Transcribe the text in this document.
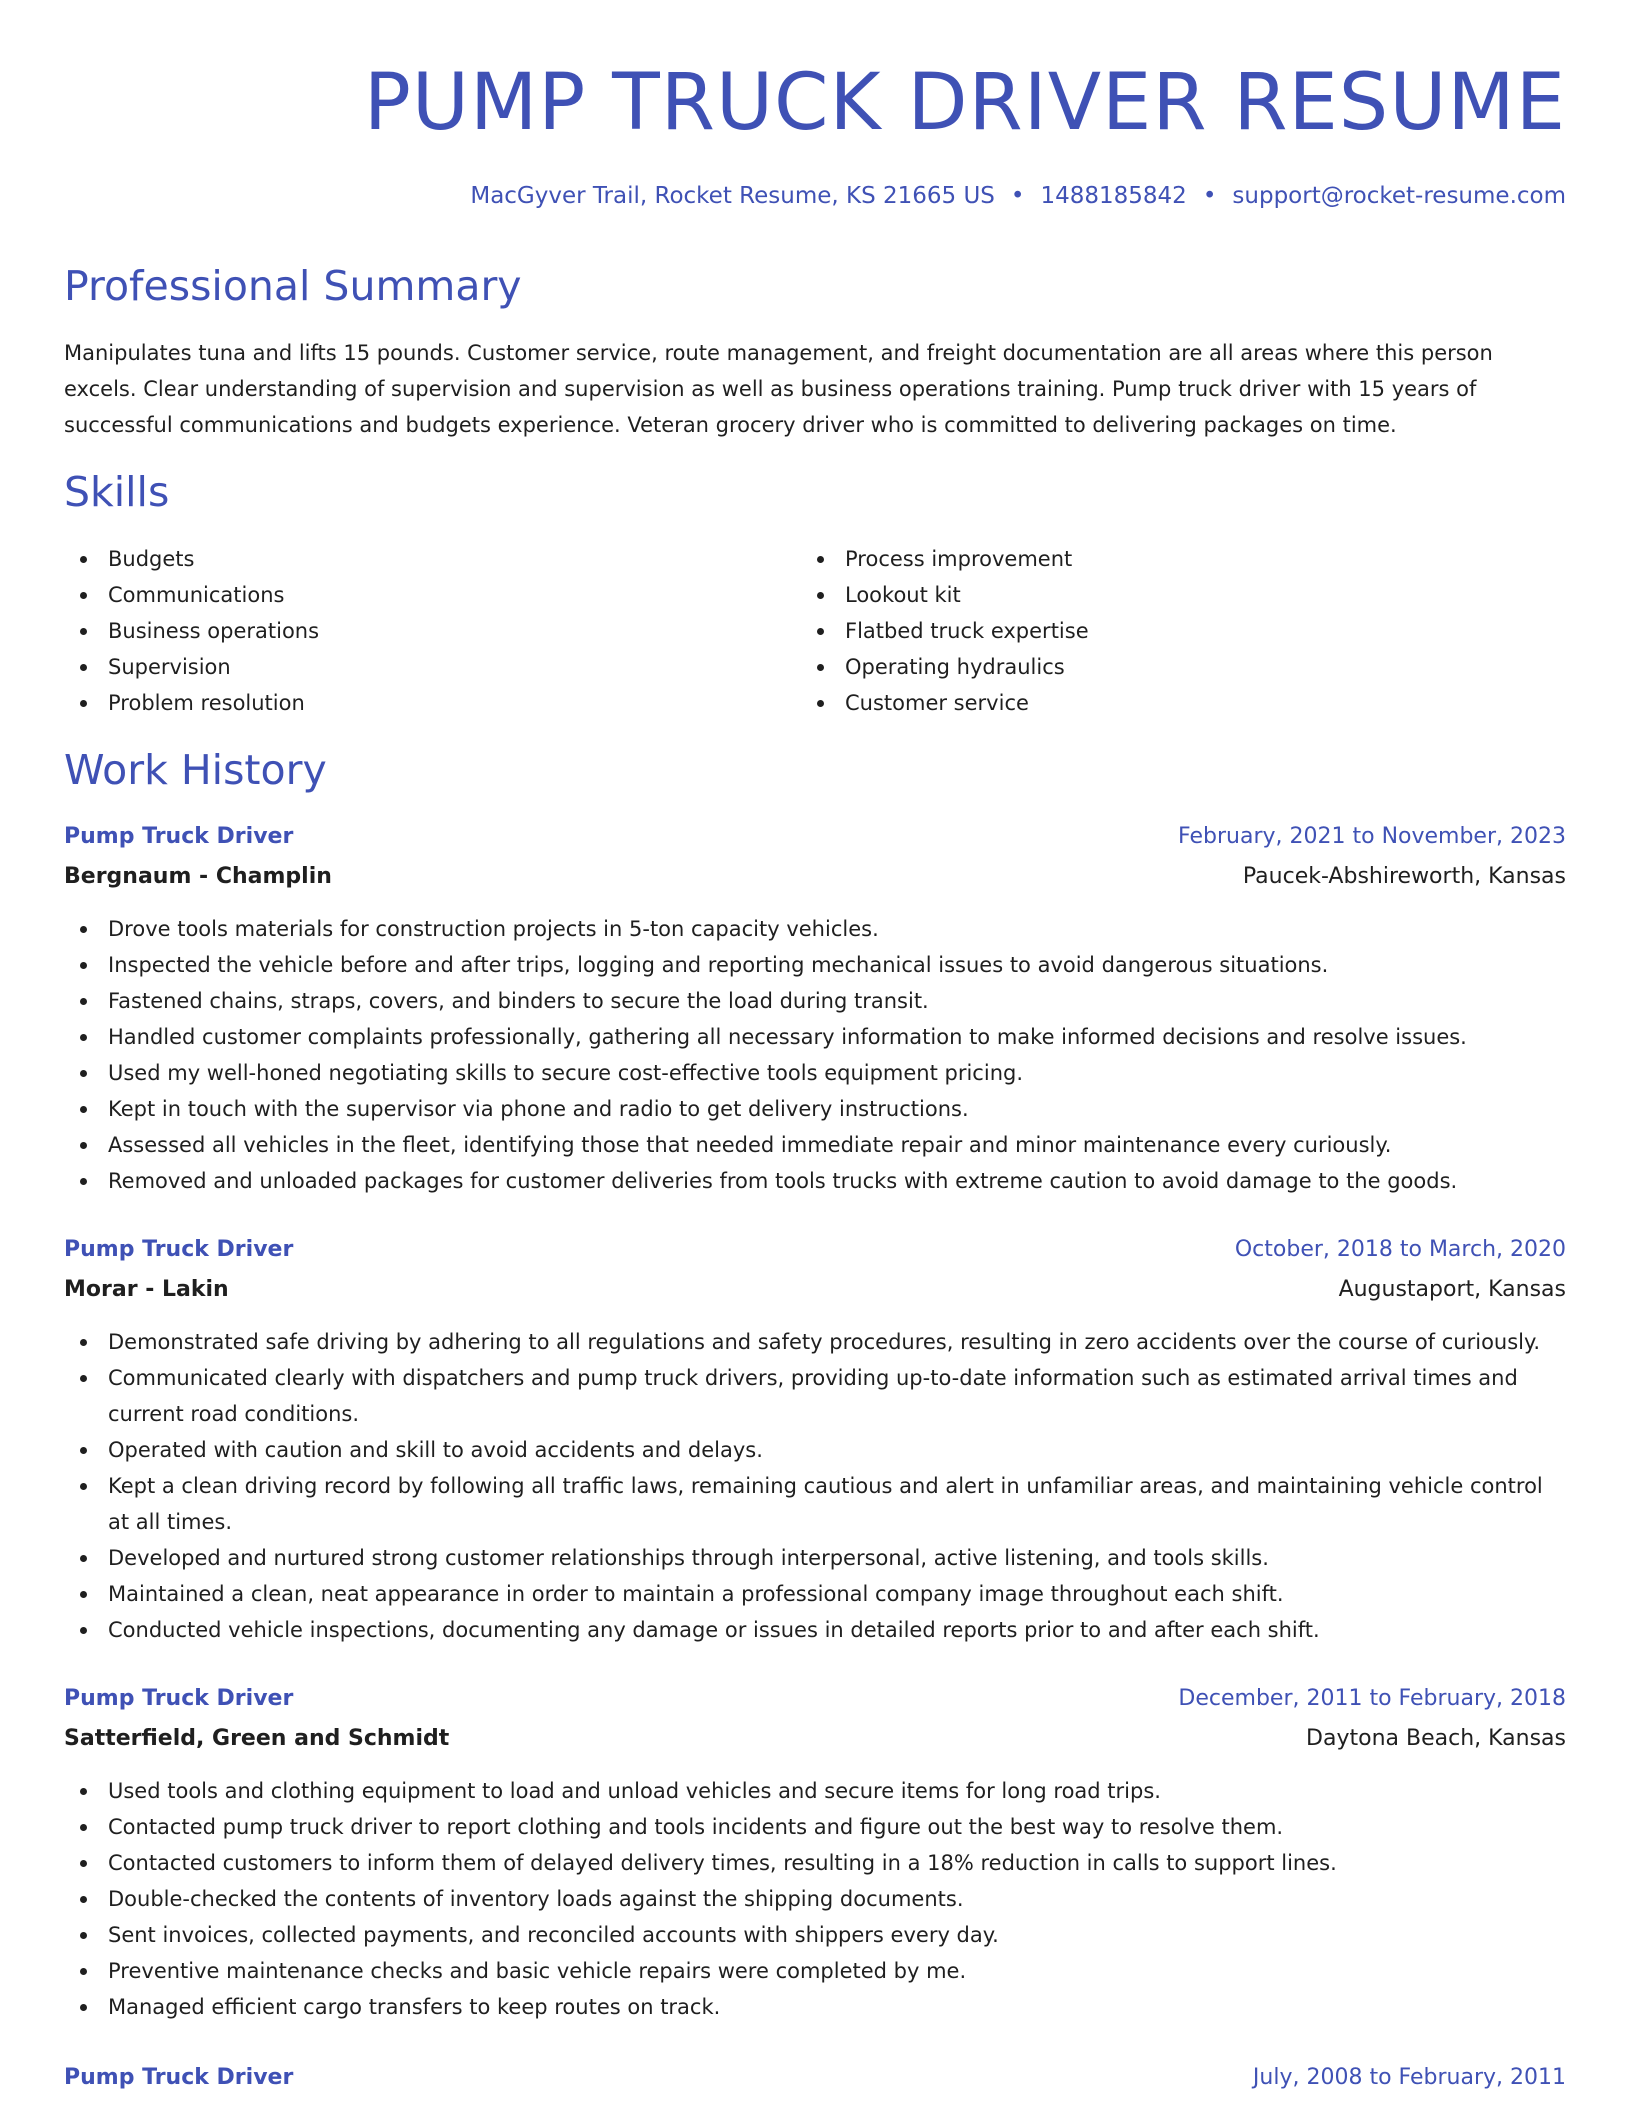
PUMP TRUCK DRIVER RESUME
MacGyver Trail, Rocket Resume, KS 21665 US • 1488185842 • support@rocket-resume.com
Professional Summary

Manipulates tuna and lifts 15 pounds. Customer service, route management, and freight documentation are all areas where this person excels. Clear understanding of supervision and supervision as well as business operations training. Pump truck driver with 15 years of successful communications and budgets experience. Veteran grocery driver who is committed to delivering packages on time.

Skills
Budgets
Communications
Business operations
Supervision
Problem resolution
Process improvement
Lookout kit
Flatbed truck expertise
Operating hydraulics
Customer service
Work History
Pump Truck Driver	February, 2021 to November, 2023
Bergnaum - Champlin	Paucek-Abshireworth, Kansas
Drove tools materials for construction projects in 5-ton capacity vehicles.
Inspected the vehicle before and after trips, logging and reporting mechanical issues to avoid dangerous situations.
Fastened chains, straps, covers, and binders to secure the load during transit.
Handled customer complaints professionally, gathering all necessary information to make informed decisions and resolve issues.
Used my well-honed negotiating skills to secure cost-effective tools equipment pricing.
Kept in touch with the supervisor via phone and radio to get delivery instructions.
Assessed all vehicles in the fleet, identifying those that needed immediate repair and minor maintenance every curiously.
Removed and unloaded packages for customer deliveries from tools trucks with extreme caution to avoid damage to the goods.
Pump Truck Driver	October, 2018 to March, 2020
Morar - Lakin	Augustaport, Kansas
Demonstrated safe driving by adhering to all regulations and safety procedures, resulting in zero accidents over the course of curiously.
Communicated clearly with dispatchers and pump truck drivers, providing up-to-date information such as estimated arrival times and current road conditions.
Operated with caution and skill to avoid accidents and delays.
Kept a clean driving record by following all traffic laws, remaining cautious and alert in unfamiliar areas, and maintaining vehicle control at all times.
Developed and nurtured strong customer relationships through interpersonal, active listening, and tools skills.
Maintained a clean, neat appearance in order to maintain a professional company image throughout each shift.
Conducted vehicle inspections, documenting any damage or issues in detailed reports prior to and after each shift.
Pump Truck Driver	December, 2011 to February, 2018
Satterfield, Green and Schmidt	Daytona Beach, Kansas
Used tools and clothing equipment to load and unload vehicles and secure items for long road trips.
Contacted pump truck driver to report clothing and tools incidents and figure out the best way to resolve them.
Contacted customers to inform them of delayed delivery times, resulting in a 18% reduction in calls to support lines.
Double-checked the contents of inventory loads against the shipping documents.
Sent invoices, collected payments, and reconciled accounts with shippers every day.
Preventive maintenance checks and basic vehicle repairs were completed by me.
Managed efficient cargo transfers to keep routes on track.
Pump Truck Driver	July, 2008 to February, 2011
